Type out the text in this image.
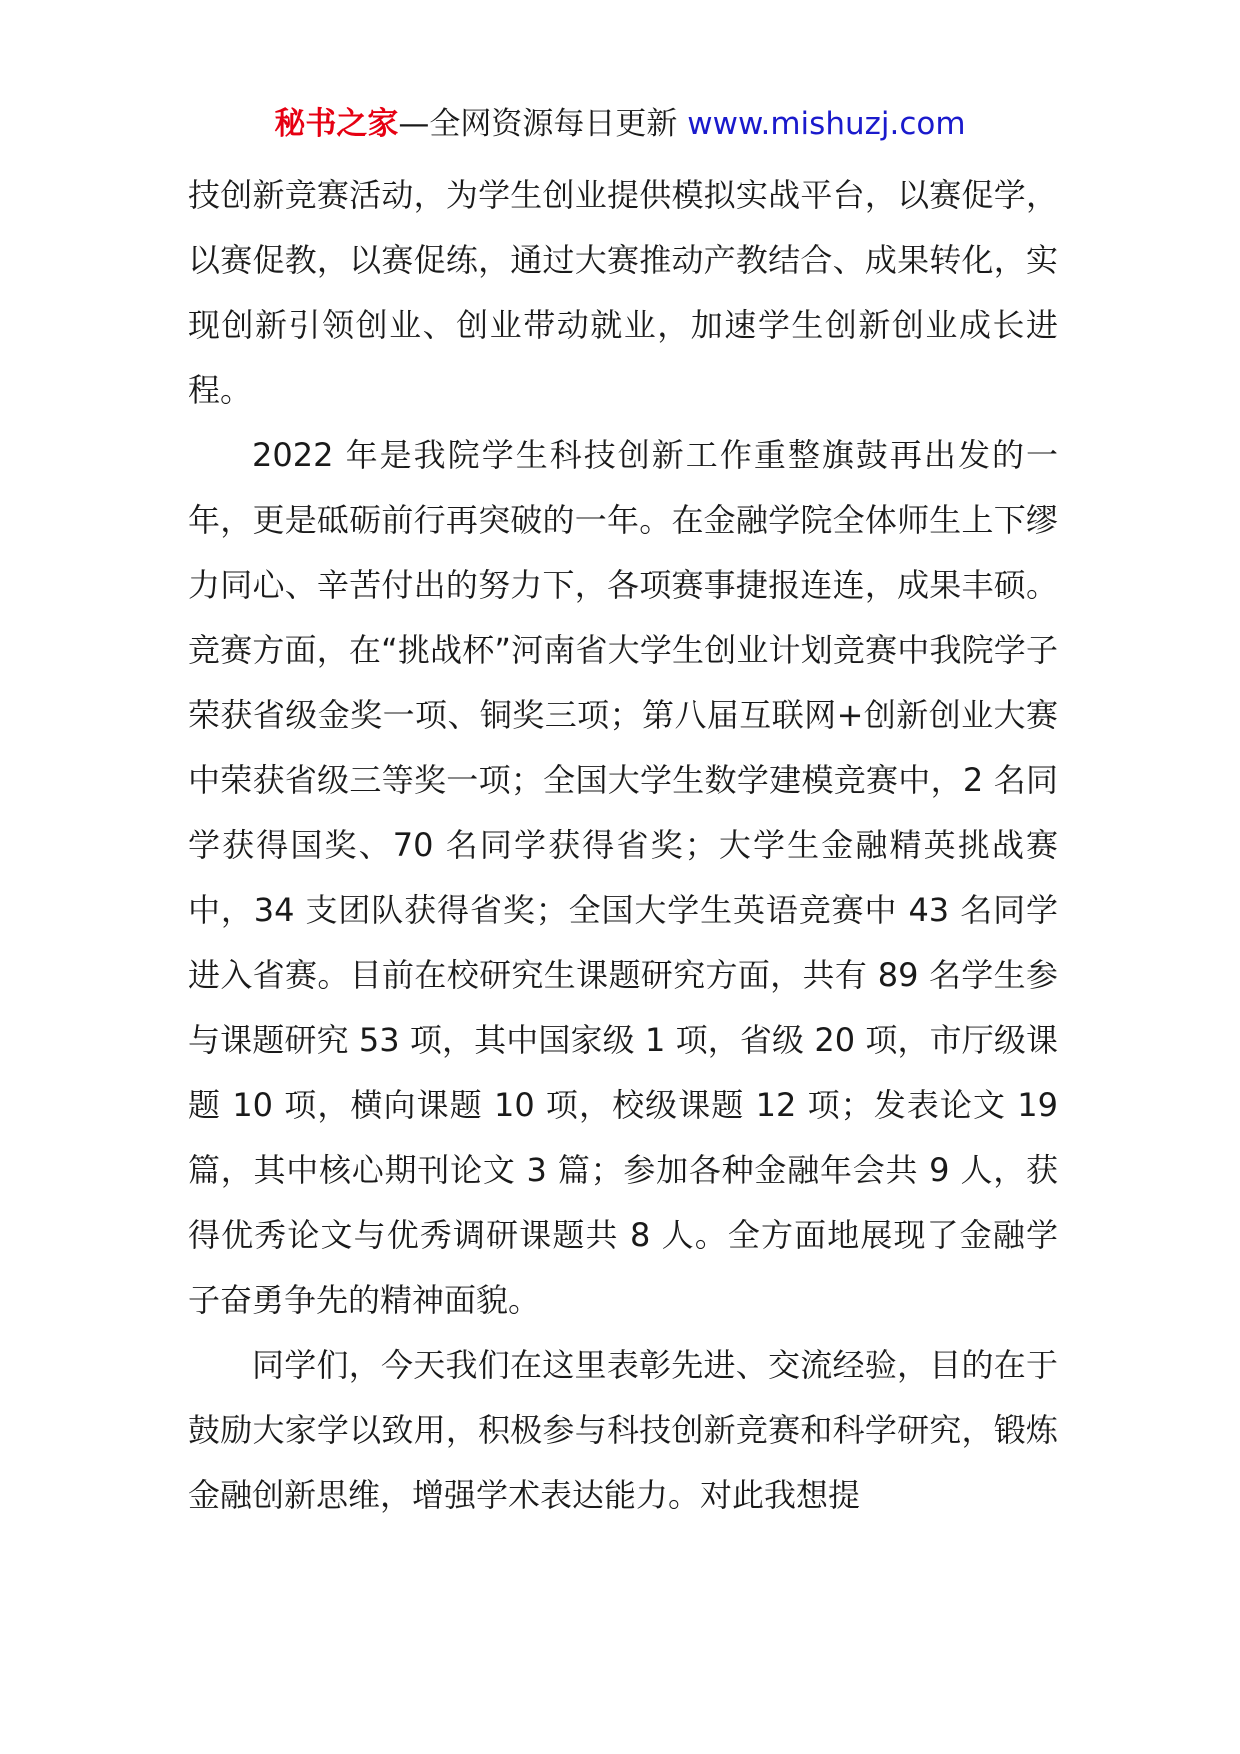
秘书之家—全网资源每日更新 www.mishuzj.com

技创新竞赛活动，为学生创业提供模拟实战平台，以赛促学，以赛促教，以赛促练，通过大赛推动产教结合、成果转化，实现创新引领创业、创业带动就业，加速学生创新创业成长进程。

2022 年是我院学生科技创新工作重整旗鼓再出发的一年，更是砥砺前行再突破的一年。在金融学院全体师生上下缪力同心、辛苦付出的努力下，各项赛事捷报连连，成果丰硕。竞赛方面，在“挑战杯”河南省大学生创业计划竞赛中我院学子荣获省级金奖一项、铜奖三项；第八届互联网+创新创业大赛中荣获省级三等奖一项；全国大学生数学建模竞赛中，2 名同学获得国奖、70 名同学获得省奖；大学生金融精英挑战赛中，34 支团队获得省奖；全国大学生英语竞赛中 43 名同学进入省赛。目前在校研究生课题研究方面，共有 89 名学生参与课题研究 53 项，其中国家级 1 项，省级 20 项，市厅级课题 10 项，横向课题 10 项，校级课题 12 项；发表论文 19 篇，其中核心期刊论文 3 篇；参加各种金融年会共 9 人，获得优秀论文与优秀调研课题共 8 人。全方面地展现了金融学子奋勇争先的精神面貌。

同学们，今天我们在这里表彰先进、交流经验，目的在于鼓励大家学以致用，积极参与科技创新竞赛和科学研究，锻炼金融创新思维，增强学术表达能力。对此我想提
